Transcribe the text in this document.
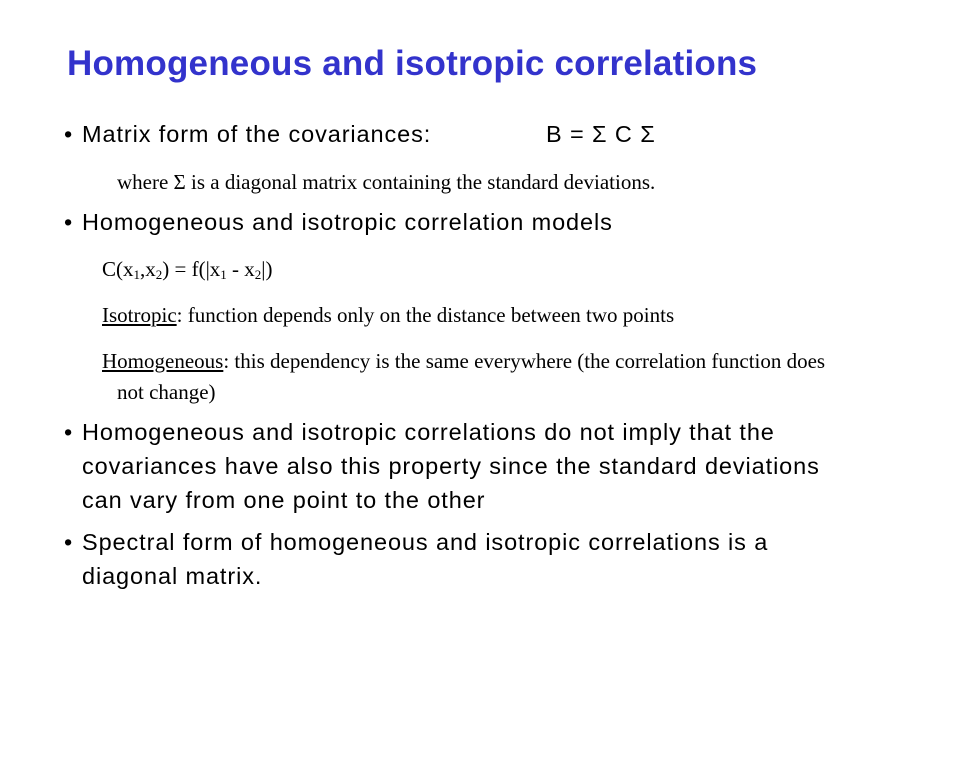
Homogeneous and isotropic correlations
• Matrix form of the covariances:	B = Σ C Σ
where Σ is a diagonal matrix containing the standard deviations.
• Homogeneous and isotropic correlation models
$C(x_1,x_2) = f(|x_1 - x_2|)$
Isotropic: function depends only on the distance between two points
Homogeneous: this dependency is the same everywhere (the correlation function does
not change)
• Homogeneous and isotropic correlations do not imply that the
covariances have also this property since the standard deviations
can vary from one point to the other
• Spectral form of homogeneous and isotropic correlations is a
diagonal matrix.
